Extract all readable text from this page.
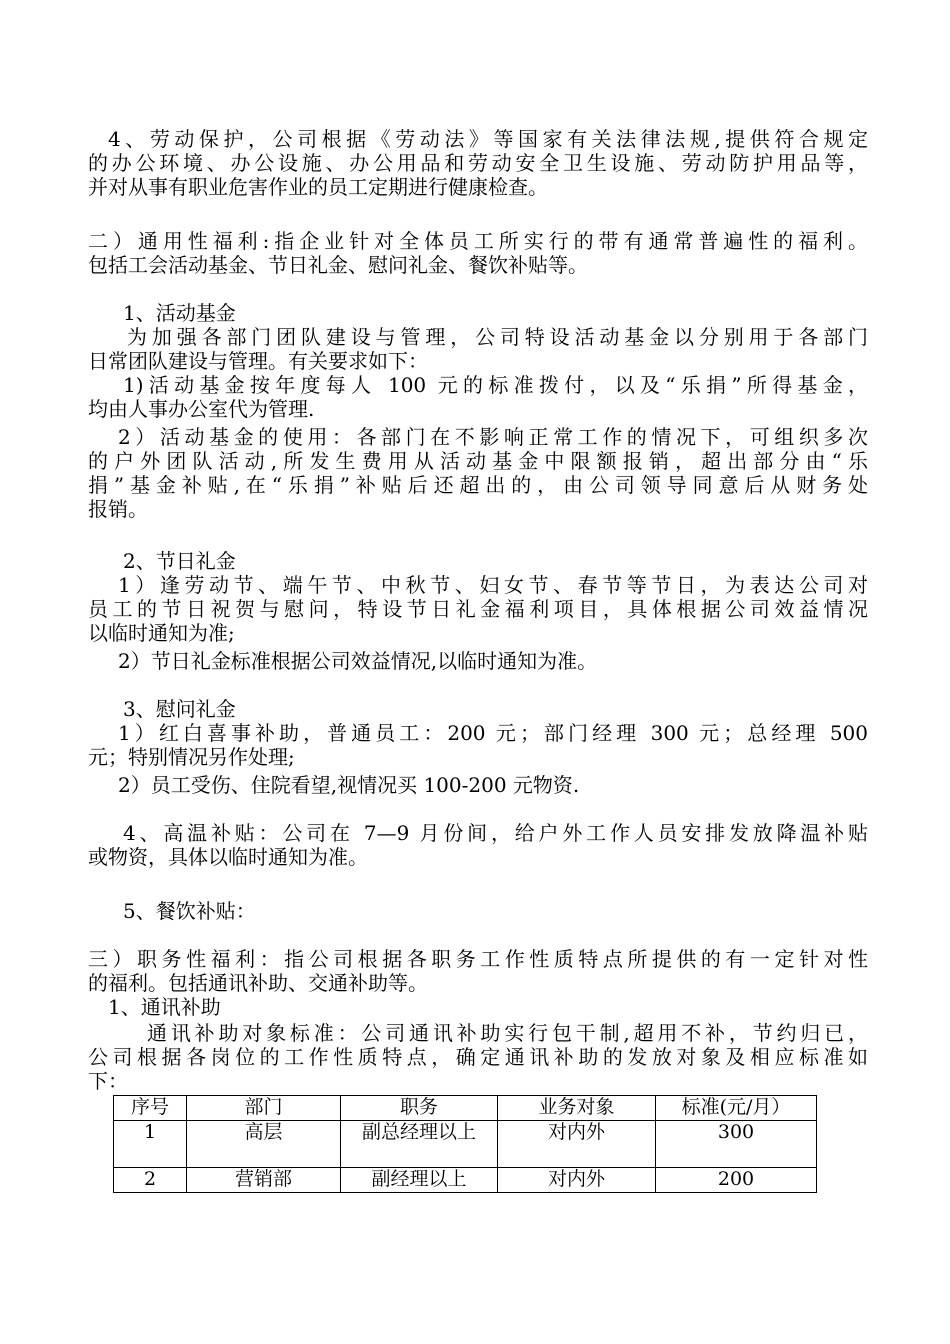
4、劳动保护，公司根据《劳动法》等国家有关法律法规,提供符合规定
的办公环境、办公设施、办公用品和劳动安全卫生设施、劳动防护用品等，
并对从事有职业危害作业的员工定期进行健康检查。
二）通用性福利:指企业针对全体员工所实行的带有通常普遍性的福利。
包括工会活动基金、节日礼金、慰问礼金、餐饮补贴等。
1、活动基金
为加强各部门团队建设与管理，公司特设活动基金以分别用于各部门
日常团队建设与管理。有关要求如下：
1)活动基金按年度每人 100 元的标准拨付，以及“乐捐”所得基金，
均由人事办公室代为管理.
2）活动基金的使用：各部门在不影响正常工作的情况下，可组织多次
的户外团队活动,所发生费用从活动基金中限额报销，超出部分由“乐
捐”基金补贴,在“乐捐”补贴后还超出的，由公司领导同意后从财务处
报销。
2、节日礼金
1）逢劳动节、端午节、中秋节、妇女节、春节等节日，为表达公司对
员工的节日祝贺与慰问，特设节日礼金福利项目，具体根据公司效益情况
以临时通知为准;
2）节日礼金标准根据公司效益情况,以临时通知为准。
3、慰问礼金
1）红白喜事补助，普通员工：200 元；部门经理 300 元；总经理 500
元；特别情况另作处理;
2）员工受伤、住院看望,视情况买 100-200 元物资.
4、高温补贴：公司在 7—9 月份间，给户外工作人员安排发放降温补贴
或物资，具体以临时通知为准。
5、餐饮补贴：
三）职务性福利：指公司根据各职务工作性质特点所提供的有一定针对性
的福利。包括通讯补助、交通补助等。
1、通讯补助
通讯补助对象标准：公司通讯补助实行包干制,超用不补，节约归已，
公司根据各岗位的工作性质特点，确定通讯补助的发放对象及相应标准如
下：
序号	部门	职务	业务对象	标准(元/月）
1	高层	副总经理以上	对内外	300
2	营销部	副经理以上	对内外	200
